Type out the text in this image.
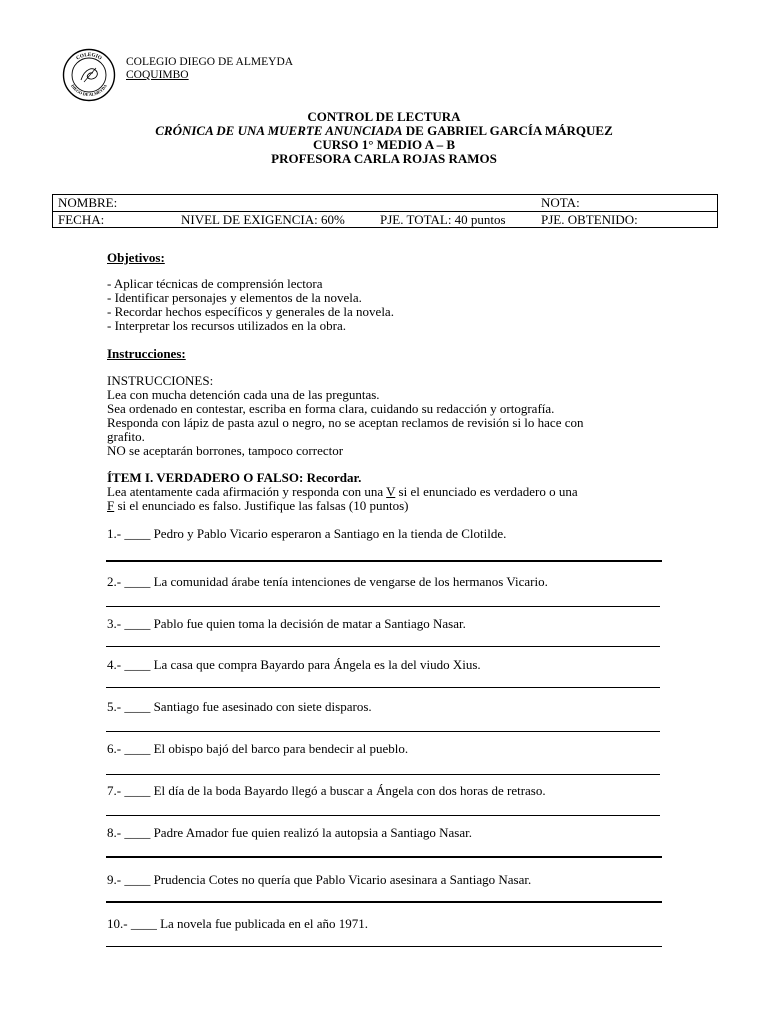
COLEGIO
DIEGO DE ALMEYDA
COLEGIO DIEGO DE ALMEYDA
COQUIMBO
CONTROL DE LECTURA
CRÓNICA DE UNA MUERTE ANUNCIADA DE GABRIEL GARCÍA MÁRQUEZ
CURSO 1° MEDIO A – B
PROFESORA CARLA ROJAS RAMOS
NOMBRE:	NOTA:
FECHA:	NIVEL DE EXIGENCIA: 60%	PJE. TOTAL: 40 puntos	PJE. OBTENIDO:
Objetivos:
- Aplicar técnicas de comprensión lectora
- Identificar personajes y elementos de la novela.
- Recordar hechos específicos y generales de la novela.
- Interpretar los recursos utilizados en la obra.
Instrucciones:
INSTRUCCIONES:
Lea con mucha detención cada una de las preguntas.
Sea ordenado en contestar, escriba en forma clara, cuidando su redacción y ortografía.
Responda con lápiz de pasta azul o negro, no se aceptan reclamos de revisión si lo hace con
grafito.
NO se aceptarán borrones, tampoco corrector
ÍTEM I. VERDADERO O FALSO: Recordar.
Lea atentamente cada afirmación y responda con una V si el enunciado es verdadero o una
F si el enunciado es falso. Justifique las falsas (10 puntos)
1.- ____ Pedro y Pablo Vicario esperaron a Santiago en la tienda de Clotilde.
2.- ____ La comunidad árabe tenía intenciones de vengarse de los hermanos Vicario.
3.- ____ Pablo fue quien toma la decisión de matar a Santiago Nasar.
4.- ____ La casa que compra Bayardo para Ángela es la del viudo Xius.
5.- ____ Santiago fue asesinado con siete disparos.
6.- ____ El obispo bajó del barco para bendecir al pueblo.
7.- ____ El día de la boda Bayardo llegó a buscar a Ángela con dos horas de retraso.
8.- ____ Padre Amador fue quien realizó la autopsia a Santiago Nasar.
9.- ____ Prudencia Cotes no quería que Pablo Vicario asesinara a Santiago Nasar.
10.- ____ La novela fue publicada en el año 1971.
